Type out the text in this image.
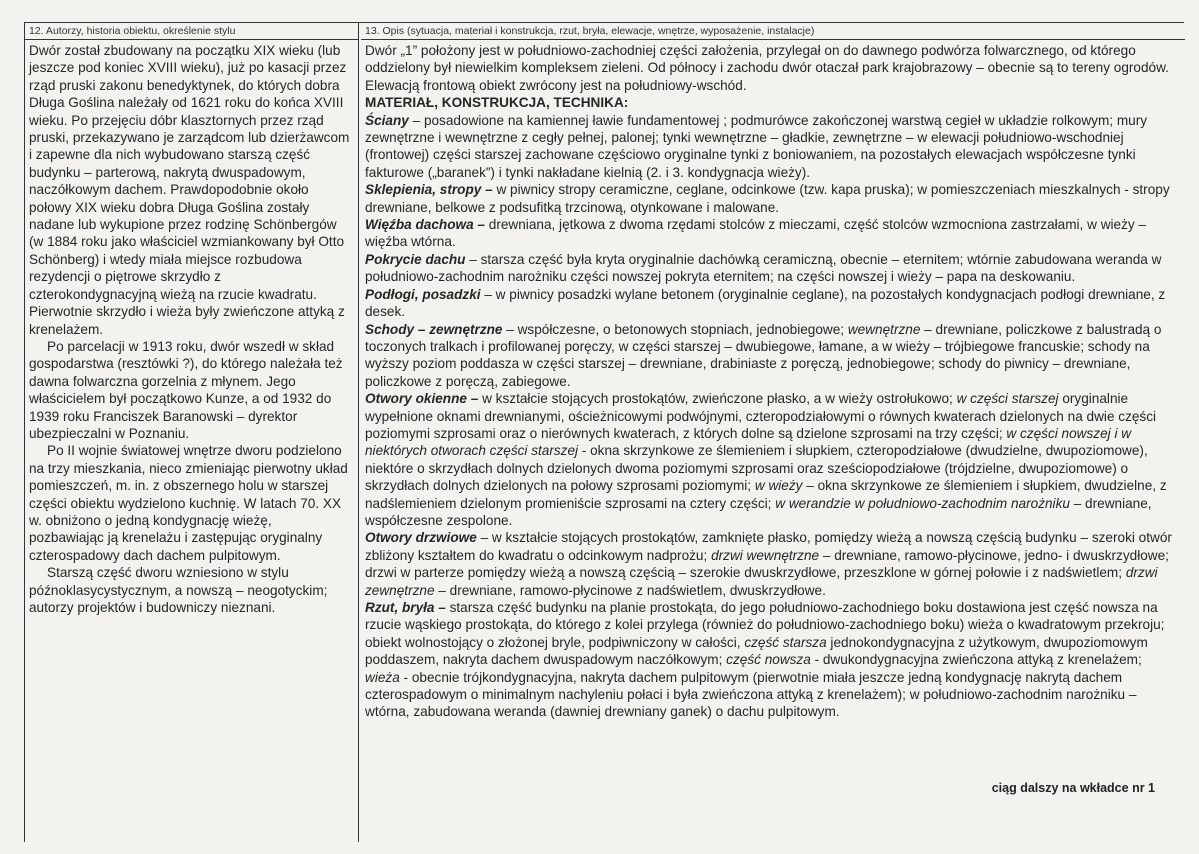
12. Autorzy, historia obiektu, określenie stylu

Dwór został zbudowany na początku XIX wieku (lub jeszcze pod koniec XVIII wieku), już po kasacji przez rząd pruski zakonu benedyktynek, do których dobra Długa Goślina należały od 1621 roku do końca XVIII wieku. Po przejęciu dóbr klasztornych przez rząd pruski, przekazywano je zarządcom lub dzierżawcom i zapewne dla nich wybudowano starszą część budynku – parterową, nakrytą dwuspadowym, naczółkowym dachem. Prawdopodobnie około połowy XIX wieku dobra Długa Goślina zostały nadane lub wykupione przez rodzinę Schönbergów (w 1884 roku jako właściciel wzmiankowany był Otto Schönberg) i wtedy miała miejsce rozbudowa rezydencji o piętrowe skrzydło z czterokondygnacyjną wieżą na rzucie kwadratu. Pierwotnie skrzydło i wieża były zwieńczone attyką z krenelażem.

Po parcelacji w 1913 roku, dwór wszedł w skład gospodarstwa (resztówki ?), do którego należała też dawna folwarczna gorzelnia z młynem. Jego właścicielem był początkowo Kunze, a od 1932 do 1939 roku Franciszek Baranowski – dyrektor ubezpieczalni w Poznaniu.

Po II wojnie światowej wnętrze dworu podzielono na trzy mieszkania, nieco zmieniając pierwotny układ pomieszczeń, m. in. z obszernego holu w starszej części obiektu wydzielono kuchnię. W latach 70. XX w. obniżono o jedną kondygnację wieżę, pozbawiając ją krenelażu i zastępując oryginalny czterospadowy dach dachem pulpitowym.

Starszą część dworu wzniesiono w stylu późnoklasycystycznym, a nowszą – neogotyckim; autorzy projektów i budowniczy nieznani.

13. Opis (sytuacja, materiał i konstrukcja, rzut, bryła, elewacje, wnętrze, wyposażenie, instalacje)

Dwór „1” położony jest w południowo-zachodniej części założenia, przylegał on do dawnego podwórza folwarcznego, od którego oddzielony był niewielkim kompleksem zieleni. Od północy i zachodu dwór otaczał park krajobrazowy – obecnie są to tereny ogrodów. Elewacją frontową obiekt zwrócony jest na południowy-wschód.

MATERIAŁ, KONSTRUKCJA, TECHNIKA:

Ściany – posadowione na kamiennej ławie fundamentowej ; podmurówce zakończonej warstwą cegieł w układzie rolkowym; mury zewnętrzne i wewnętrzne z cegły pełnej, palonej; tynki wewnętrzne – gładkie, zewnętrzne – w elewacji południowo-wschodniej (frontowej) części starszej zachowane częściowo oryginalne tynki z boniowaniem, na pozostałych elewacjach współczesne tynki fakturowe („baranek”) i tynki nakładane kielnią (2. i 3. kondygnacja wieży).

Sklepienia, stropy – w piwnicy stropy ceramiczne, ceglane, odcinkowe (tzw. kapa pruska); w pomieszczeniach mieszkalnych - stropy drewniane, belkowe z podsufitką trzcinową, otynkowane i malowane.

Więźba dachowa – drewniana, jętkowa z dwoma rzędami stolców z mieczami, część stolców wzmocniona zastrzałami, w wieży – więźba wtórna.

Pokrycie dachu – starsza część była kryta oryginalnie dachówką ceramiczną, obecnie – eternitem; wtórnie zabudowana weranda w południowo-zachodnim narożniku części nowszej pokryta eternitem; na części nowszej i wieży – papa na deskowaniu.

Podłogi, posadzki – w piwnicy posadzki wylane betonem (oryginalnie ceglane), na pozostałych kondygnacjach podłogi drewniane, z desek.

Schody – zewnętrzne – współczesne, o betonowych stopniach, jednobiegowe; wewnętrzne – drewniane, policzkowe z balustradą o toczonych tralkach i profilowanej poręczy, w części starszej – dwubiegowe, łamane, a w wieży – trójbiegowe francuskie; schody na wyższy poziom poddasza w części starszej – drewniane, drabiniaste z poręczą, jednobiegowe; schody do piwnicy – drewniane, policzkowe z poręczą, zabiegowe.

Otwory okienne – w kształcie stojących prostokątów, zwieńczone płasko, a w wieży ostrołukowo; w części starszej oryginalnie wypełnione oknami drewnianymi, ościeżnicowymi podwójnymi, czteropodziałowymi o równych kwaterach dzielonych na dwie części poziomymi szprosami oraz o nierównych kwaterach, z których dolne są dzielone szprosami na trzy części; w części nowszej i w niektórych otworach części starszej - okna skrzynkowe ze ślemieniem i słupkiem, czteropodziałowe (dwudzielne, dwupoziomowe), niektóre o skrzydłach dolnych dzielonych dwoma poziomymi szprosami oraz sześciopodziałowe (trójdzielne, dwupoziomowe) o skrzydłach dolnych dzielonych na połowy szprosami poziomymi; w wieży – okna skrzynkowe ze ślemieniem i słupkiem, dwudzielne, z nadślemieniem dzielonym promieniście szprosami na cztery części; w werandzie w południowo-zachodnim narożniku – drewniane, współczesne zespolone.

Otwory drzwiowe – w kształcie stojących prostokątów, zamknięte płasko, pomiędzy wieżą a nowszą częścią budynku – szeroki otwór zbliżony kształtem do kwadratu o odcinkowym nadprożu; drzwi wewnętrzne – drewniane, ramowo-płycinowe, jedno- i dwuskrzydłowe; drzwi w parterze pomiędzy wieżą a nowszą częścią – szerokie dwuskrzydłowe, przeszklone w górnej połowie i z nadświetlem; drzwi zewnętrzne – drewniane, ramowo-płycinowe z nadświetlem, dwuskrzydłowe.

Rzut, bryła – starsza część budynku na planie prostokąta, do jego południowo-zachodniego boku dostawiona jest część nowsza na rzucie wąskiego prostokąta, do którego z kolei przylega (również do południowo-zachodniego boku) wieża o kwadratowym przekroju; obiekt wolnostojący o złożonej bryle, podpiwniczony w całości, część starsza jednokondygnacyjna z użytkowym, dwupoziomowym poddaszem, nakryta dachem dwuspadowym naczółkowym; część nowsza - dwukondygnacyjna zwieńczona attyką z krenelażem; wieża - obecnie trójkondygnacyjna, nakryta dachem pulpitowym (pierwotnie miała jeszcze jedną kondygnację nakrytą dachem czterospadowym o minimalnym nachyleniu połaci i była zwieńczona attyką z krenelażem); w południowo-zachodnim narożniku – wtórna, zabudowana weranda (dawniej drewniany ganek) o dachu pulpitowym.

ciąg dalszy na wkładce nr 1
